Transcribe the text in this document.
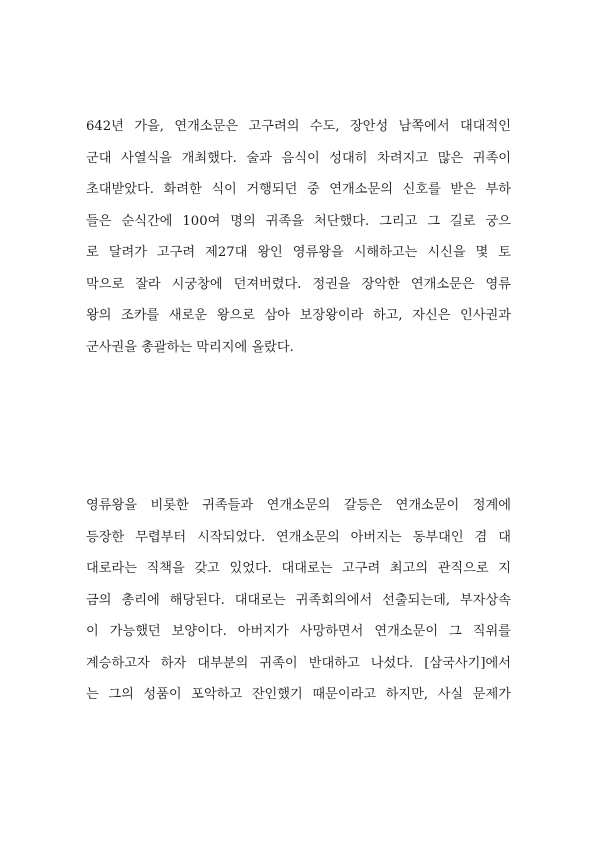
642년 가을, 연개소문은 고구려의 수도, 장안성 남쪽에서 대대적인
군대 사열식을 개최했다. 술과 음식이 성대히 차려지고 많은 귀족이
초대받았다. 화려한 식이 거행되던 중 연개소문의 신호를 받은 부하
들은 순식간에 100여 명의 귀족을 처단했다. 그리고 그 길로 궁으
로 달려가 고구려 제27대 왕인 영류왕을 시해하고는 시신을 몇 토
막으로 잘라 시궁창에 던져버렸다. 정권을 장악한 연개소문은 영류
왕의 조카를 새로운 왕으로 삼아 보장왕이라 하고, 자신은 인사권과
군사권을 총괄하는 막리지에 올랐다.
영류왕을 비롯한 귀족들과 연개소문의 갈등은 연개소문이 정계에
등장한 무렵부터 시작되었다. 연개소문의 아버지는 동부대인 겸 대
대로라는 직책을 갖고 있었다. 대대로는 고구려 최고의 관직으로 지
금의 총리에 해당된다. 대대로는 귀족회의에서 선출되는데, 부자상속
이 가능했던 보양이다. 아버지가 사망하면서 연개소문이 그 직위를
계승하고자 하자 대부분의 귀족이 반대하고 나섰다. [삼국사기]에서
는 그의 성품이 포악하고 잔인했기 때문이라고 하지만, 사실 문제가
